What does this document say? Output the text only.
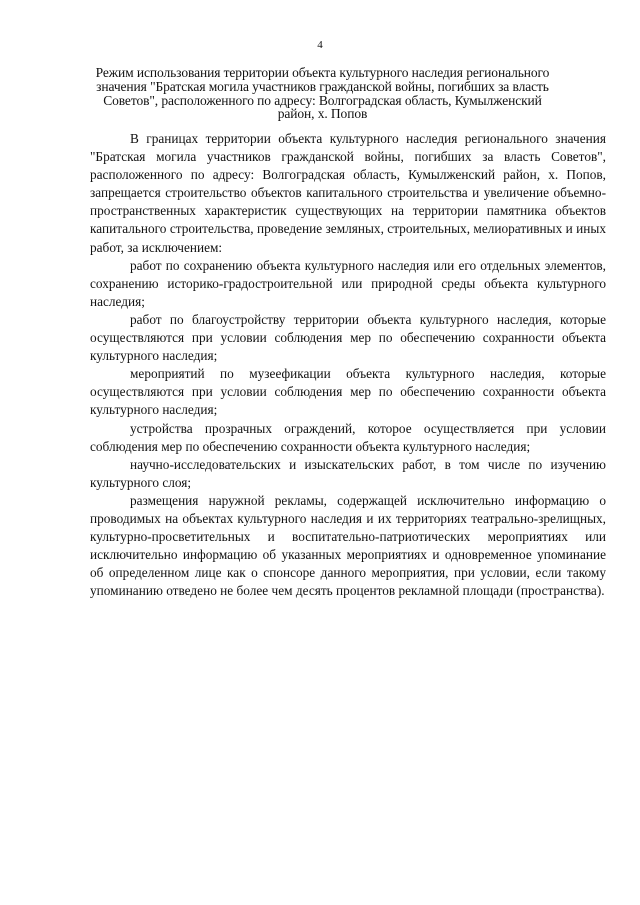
4
Режим использования территории объекта культурного наследия регионального значения "Братская могила участников гражданской войны, погибших за власть Советов", расположенного по адресу: Волгоградская область, Кумылженский район, х. Попов

В границах территории объекта культурного наследия регионального значения "Братская могила участников гражданской войны, погибших за власть Советов", расположенного по адресу: Волгоградская область, Кумылженский район, х. Попов, запрещается строительство объектов капитального строительства и увеличение объемно-пространственных характеристик существующих на территории памятника объектов капитального строительства, проведение земляных, строительных, мелиоративных и иных работ, за исключением:

работ по сохранению объекта культурного наследия или его отдельных элементов, сохранению историко-градостроительной или природной среды объекта культурного наследия;

работ по благоустройству территории объекта культурного наследия, которые осуществляются при условии соблюдения мер по обеспечению сохранности объекта культурного наследия;

мероприятий по музеефикации объекта культурного наследия, которые осуществляются при условии соблюдения мер по обеспечению сохранности объекта культурного наследия;

устройства прозрачных ограждений, которое осуществляется при условии соблюдения мер по обеспечению сохранности объекта культурного наследия;

научно-исследовательских и изыскательских работ, в том числе по изучению культурного слоя;

размещения наружной рекламы, содержащей исключительно информацию о проводимых на объектах культурного наследия и их территориях театрально-зрелищных, культурно-просветительных и воспитательно-патриотических мероприятиях или исключительно информацию об указанных мероприятиях и одновременное упоминание об определенном лице как о спонсоре данного мероприятия, при условии, если такому упоминанию отведено не более чем десять процентов рекламной площади (пространства).
